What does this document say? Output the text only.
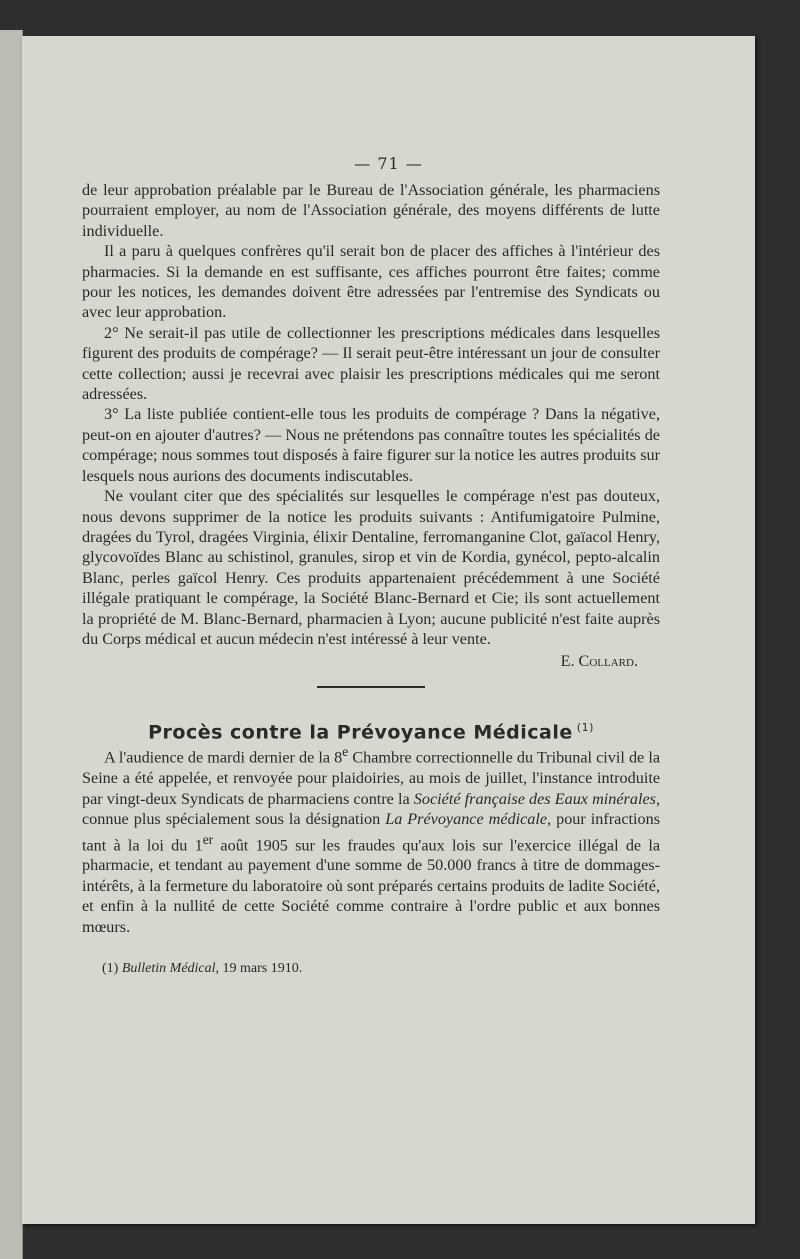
— 71 —

de leur approbation préalable par le Bureau de l'Association générale, les pharmaciens pourraient employer, au nom de l'Association générale, des moyens différents de lutte individuelle.

Il a paru à quelques confrères qu'il serait bon de placer des affiches à l'intérieur des pharmacies. Si la demande en est suffisante, ces affiches pourront être faites; comme pour les notices, les demandes doivent être adressées par l'entremise des Syndicats ou avec leur approbation.

2° Ne serait-il pas utile de collectionner les prescriptions médicales dans lesquelles figurent des produits de compérage? — Il serait peut-être intéressant un jour de consulter cette collection; aussi je recevrai avec plaisir les prescriptions médicales qui me seront adressées.

3° La liste publiée contient-elle tous les produits de compérage ? Dans la négative, peut-on en ajouter d'autres? — Nous ne prétendons pas connaître toutes les spécialités de compérage; nous sommes tout disposés à faire figurer sur la notice les autres produits sur lesquels nous aurions des documents indiscutables.

Ne voulant citer que des spécialités sur lesquelles le compérage n'est pas douteux, nous devons supprimer de la notice les produits suivants : Antifumigatoire Pulmine, dragées du Tyrol, dragées Virginia, élixir Dentaline, ferromanganine Clot, gaïacol Henry, glycovoïdes Blanc au schistinol, granules, sirop et vin de Kordia, gynécol, pepto-alcalin Blanc, perles gaïcol Henry. Ces produits appartenaient précédemment à une Société illégale pratiquant le compérage, la Société Blanc-Bernard et Cie; ils sont actuellement la propriété de M. Blanc-Bernard, pharmacien à Lyon; aucune publicité n'est faite auprès du Corps médical et aucun médecin n'est intéressé à leur vente.

E. Collard.
Procès contre la Prévoyance Médicale $^{(1)}$

A l'audience de mardi dernier de la 8e Chambre correctionnelle du Tribunal civil de la Seine a été appelée, et renvoyée pour plaidoiries, au mois de juillet, l'instance introduite par vingt-deux Syndicats de pharmaciens contre la Société française des Eaux minérales, connue plus spécialement sous la désignation La Prévoyance médicale, pour infractions tant à la loi du 1er août 1905 sur les fraudes qu'aux lois sur l'exercice illégal de la pharmacie, et tendant au payement d'une somme de 50.000 francs à titre de dommages-intérêts, à la fermeture du laboratoire où sont préparés certains produits de ladite Société, et enfin à la nullité de cette Société comme contraire à l'ordre public et aux bonnes mœurs.

(1) Bulletin Médical, 19 mars 1910.
